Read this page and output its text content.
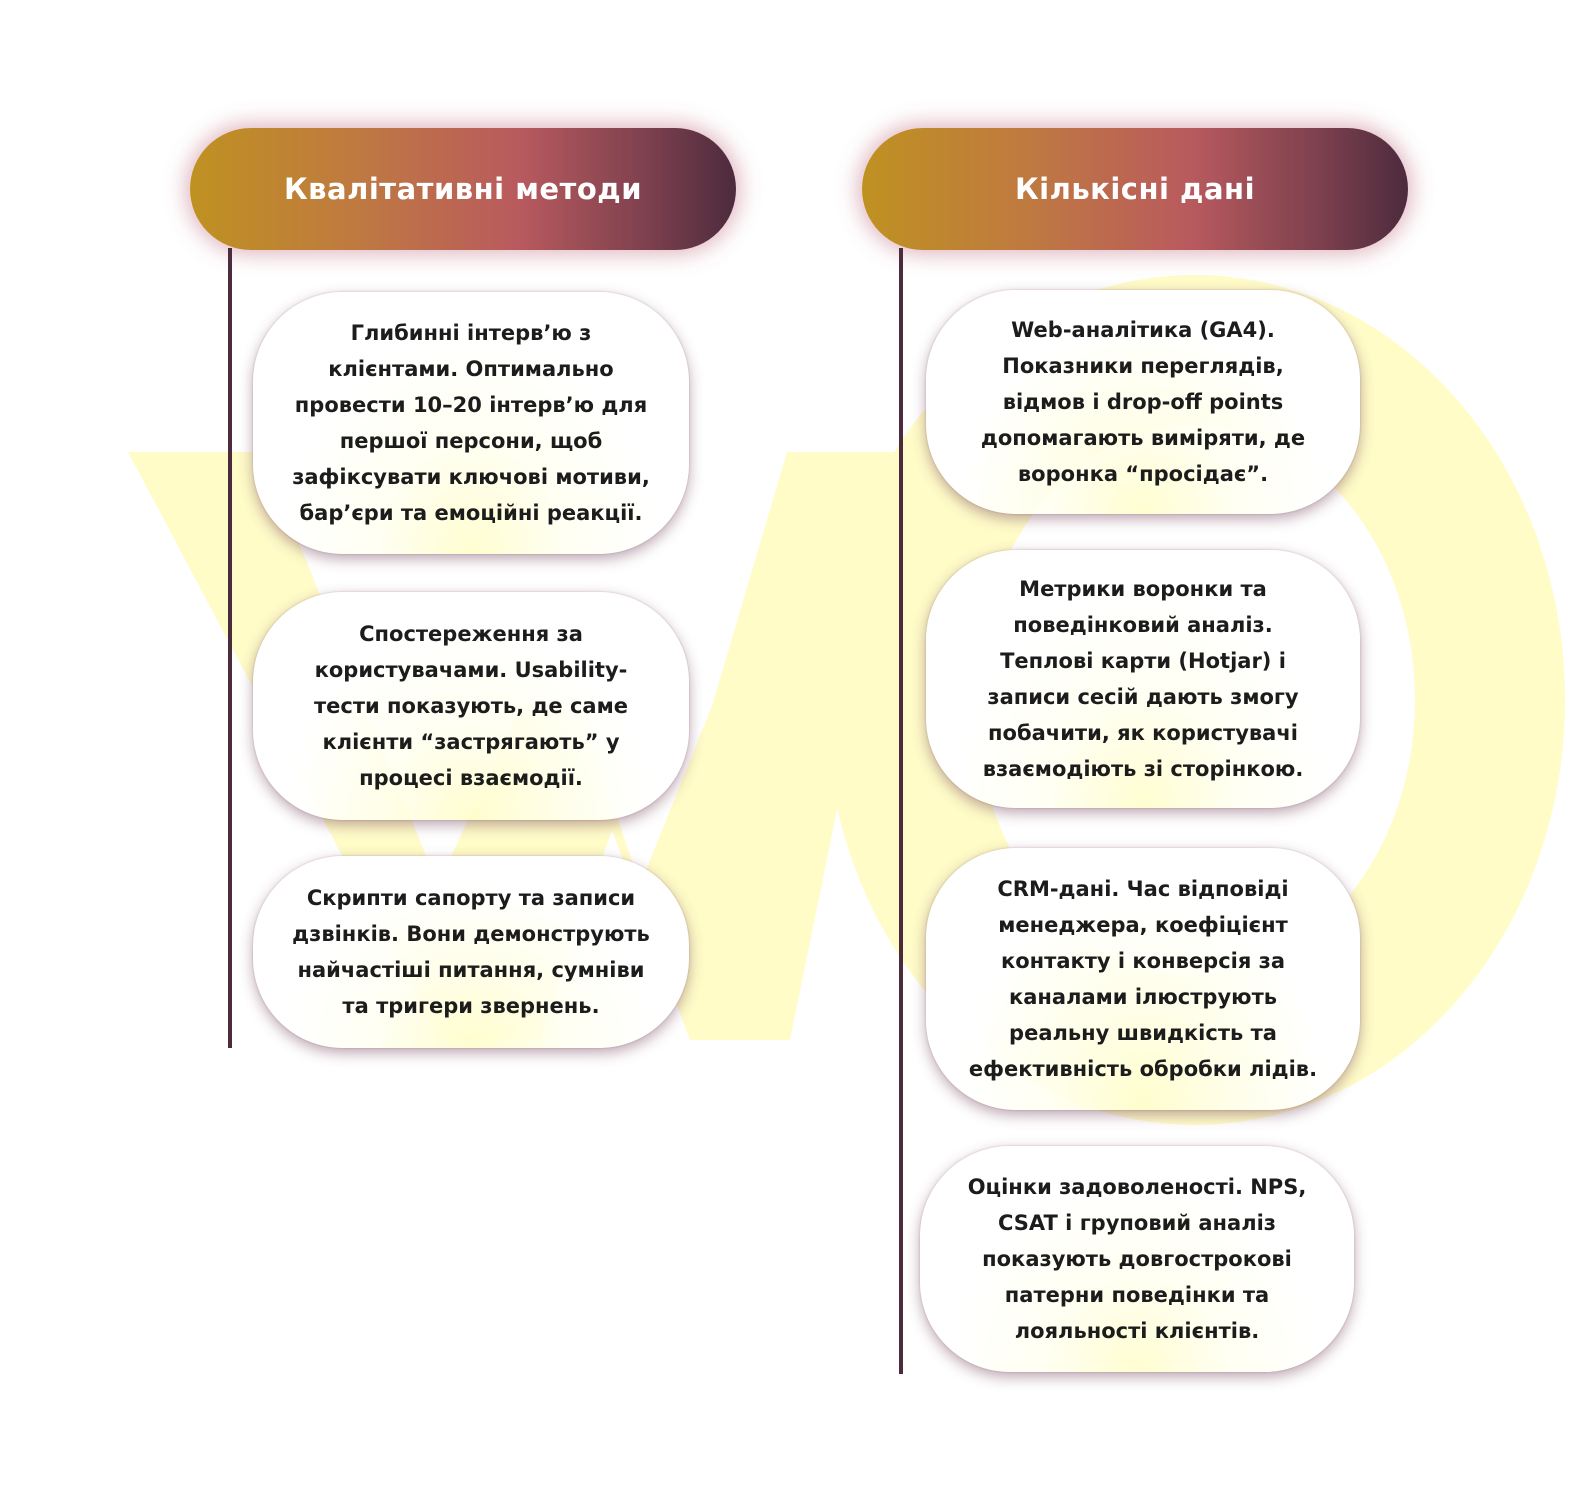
Квалітативні методи

Глибинні інтерв’ю з клієнтами. Оптимально провести 10–20 інтерв’ю для першої персони, щоб зафіксувати ключові мотиви, бар’єри та емоційні реакції.

Спостереження за користувачами. Usability-тести показують, де саме клієнти “застрягають” у процесі взаємодії.

Скрипти сапорту та записи дзвінків. Вони демонструють найчастіші питання, сумніви та тригери звернень.

Кількісні дані

Web-аналітика (GA4). Показники переглядів, відмов і drop-off points допомагають виміряти, де воронка “просідає”.

Метрики воронки та поведінковий аналіз. Теплові карти (Hotjar) і записи сесій дають змогу побачити, як користувачі взаємодіють зі сторінкою.

CRM-дані. Час відповіді менеджера, коефіцієнт контакту і конверсія за каналами ілюструють реальну швидкість та ефективність обробки лідів.

Оцінки задоволеності. NPS, CSAT і груповий аналіз показують довгострокові патерни поведінки та лояльності клієнтів.
